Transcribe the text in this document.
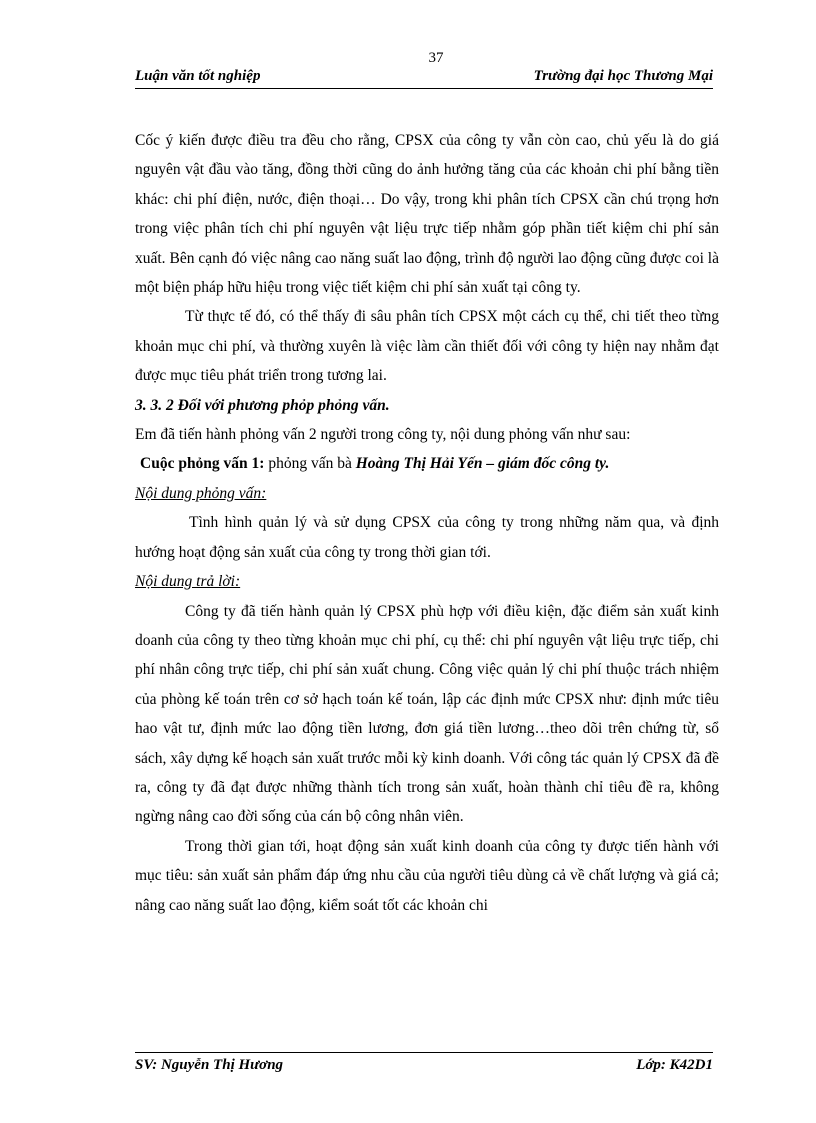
37
Luận văn tốt nghiệp	Trường đại học Thương Mại

Cốc ý kiến được điều tra đều cho rằng, CPSX của công ty vẫn còn cao, chủ yếu là do giá nguyên vật đầu vào tăng, đồng thời cũng do ảnh hưởng tăng của các khoản chi phí bằng tiền khác: chi phí điện, nước, điện thoại… Do vậy, trong khi phân tích CPSX cần chú trọng hơn trong việc phân tích chi phí nguyên vật liệu trực tiếp nhằm góp phần tiết kiệm chi phí sản xuất. Bên cạnh đó việc nâng cao năng suất lao động, trình độ người lao động cũng được coi là một biện pháp hữu hiệu trong việc tiết kiệm chi phí sản xuất tại công ty.

Từ thực tế đó, có thể thấy đi sâu phân tích CPSX một cách cụ thể, chi tiết theo từng khoản mục chi phí, và thường xuyên là việc làm cần thiết đối với công ty hiện nay nhằm đạt được mục tiêu phát triển trong tương lai.

3. 3. 2 Đối với phương phỏp phỏng vấn.

Em đã tiến hành phỏng vấn 2 người trong công ty, nội dung phỏng vấn như sau:

Cuộc phỏng vấn 1: phỏng vấn bà Hoàng Thị Hải Yến – giám đốc công ty.

Nội dung phỏng vấn:

Tình hình quản lý và sử dụng CPSX của công ty trong những năm qua, và định hướng hoạt động sản xuất của công ty trong thời gian tới.

Nội dung trả lời:

Công ty đã tiến hành quản lý CPSX phù hợp với điều kiện, đặc điểm sản xuất kinh doanh của công ty theo từng khoản mục chi phí, cụ thể: chi phí nguyên vật liệu trực tiếp, chi phí nhân công trực tiếp, chi phí sản xuất chung. Công việc quản lý chi phí thuộc trách nhiệm của phòng kế toán trên cơ sở hạch toán kế toán, lập các định mức CPSX như: định mức tiêu hao vật tư, định mức lao động tiền lương, đơn giá tiền lương…theo dõi trên chứng từ, sổ sách, xây dựng kế hoạch sản xuất trước mỗi kỳ kinh doanh. Với công tác quản lý CPSX đã đề ra, công ty đã đạt được những thành tích trong sản xuất, hoàn thành chỉ tiêu đề ra, không ngừng nâng cao đời sống của cán bộ công nhân viên.

Trong thời gian tới, hoạt động sản xuất kinh doanh của công ty được tiến hành với mục tiêu: sản xuất sản phẩm đáp ứng nhu cầu của người tiêu dùng cả về chất lượng và giá cả; nâng cao năng suất lao động, kiểm soát tốt các khoản chi

SV: Nguyễn Thị Hương	Lớp: K42D1
